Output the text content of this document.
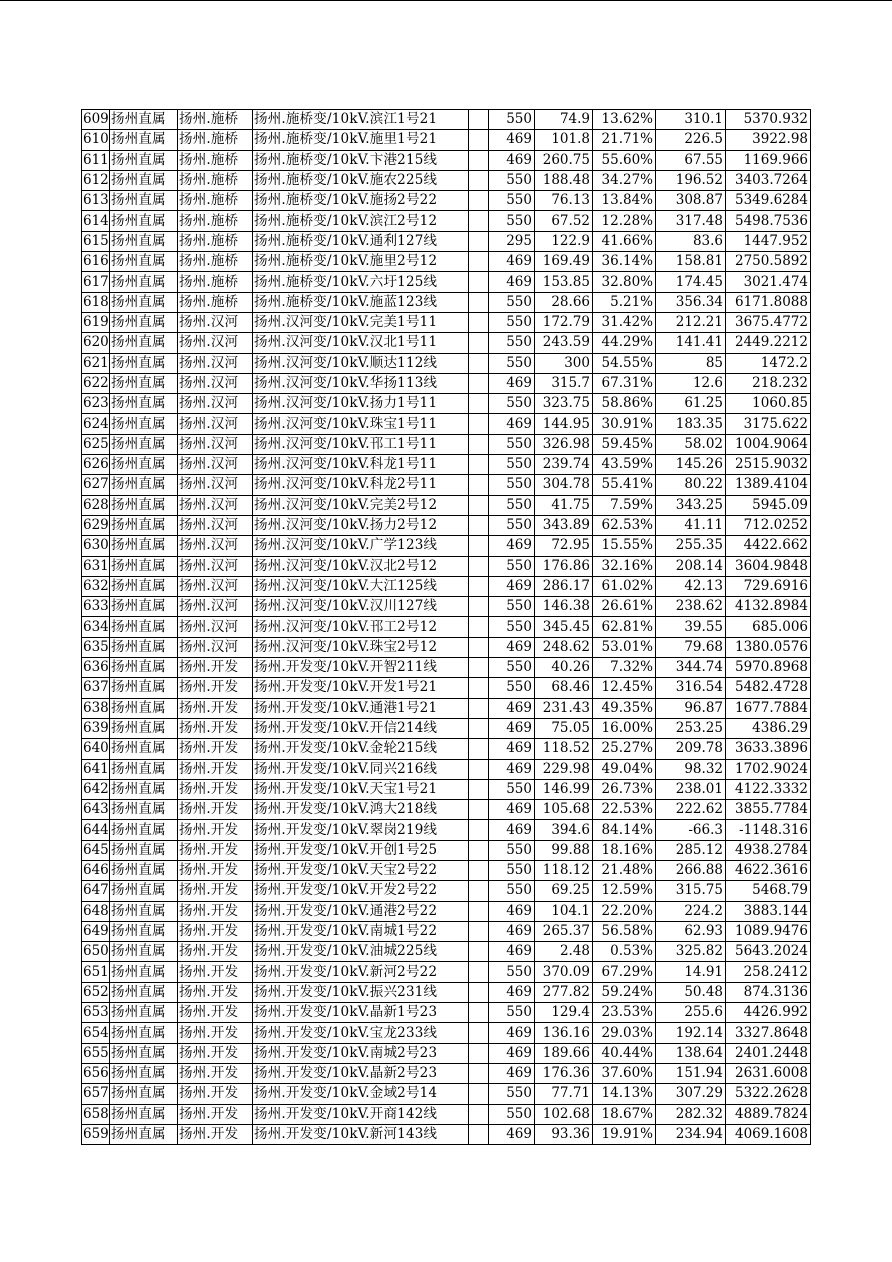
609	扬州直属	扬州.施桥	扬州.施桥变/10kV.滨江1号21		550	74.9	13.62%	310.1	5370.932
610	扬州直属	扬州.施桥	扬州.施桥变/10kV.施里1号21		469	101.8	21.71%	226.5	3922.98
611	扬州直属	扬州.施桥	扬州.施桥变/10kV.卞港215线		469	260.75	55.60%	67.55	1169.966
612	扬州直属	扬州.施桥	扬州.施桥变/10kV.施农225线		550	188.48	34.27%	196.52	3403.7264
613	扬州直属	扬州.施桥	扬州.施桥变/10kV.施扬2号22		550	76.13	13.84%	308.87	5349.6284
614	扬州直属	扬州.施桥	扬州.施桥变/10kV.滨江2号12		550	67.52	12.28%	317.48	5498.7536
615	扬州直属	扬州.施桥	扬州.施桥变/10kV.通利127线		295	122.9	41.66%	83.6	1447.952
616	扬州直属	扬州.施桥	扬州.施桥变/10kV.施里2号12		469	169.49	36.14%	158.81	2750.5892
617	扬州直属	扬州.施桥	扬州.施桥变/10kV.六圩125线		469	153.85	32.80%	174.45	3021.474
618	扬州直属	扬州.施桥	扬州.施桥变/10kV.施蓝123线		550	28.66	5.21%	356.34	6171.8088
619	扬州直属	扬州.汉河	扬州.汉河变/10kV.完美1号11		550	172.79	31.42%	212.21	3675.4772
620	扬州直属	扬州.汉河	扬州.汉河变/10kV.汉北1号11		550	243.59	44.29%	141.41	2449.2212
621	扬州直属	扬州.汉河	扬州.汉河变/10kV.顺达112线		550	300	54.55%	85	1472.2
622	扬州直属	扬州.汉河	扬州.汉河变/10kV.华扬113线		469	315.7	67.31%	12.6	218.232
623	扬州直属	扬州.汉河	扬州.汉河变/10kV.扬力1号11		550	323.75	58.86%	61.25	1060.85
624	扬州直属	扬州.汉河	扬州.汉河变/10kV.珠宝1号11		469	144.95	30.91%	183.35	3175.622
625	扬州直属	扬州.汉河	扬州.汉河变/10kV.邗工1号11		550	326.98	59.45%	58.02	1004.9064
626	扬州直属	扬州.汉河	扬州.汉河变/10kV.科龙1号11		550	239.74	43.59%	145.26	2515.9032
627	扬州直属	扬州.汉河	扬州.汉河变/10kV.科龙2号11		550	304.78	55.41%	80.22	1389.4104
628	扬州直属	扬州.汉河	扬州.汉河变/10kV.完美2号12		550	41.75	7.59%	343.25	5945.09
629	扬州直属	扬州.汉河	扬州.汉河变/10kV.扬力2号12		550	343.89	62.53%	41.11	712.0252
630	扬州直属	扬州.汉河	扬州.汉河变/10kV.广学123线		469	72.95	15.55%	255.35	4422.662
631	扬州直属	扬州.汉河	扬州.汉河变/10kV.汉北2号12		550	176.86	32.16%	208.14	3604.9848
632	扬州直属	扬州.汉河	扬州.汉河变/10kV.大江125线		469	286.17	61.02%	42.13	729.6916
633	扬州直属	扬州.汉河	扬州.汉河变/10kV.汉川127线		550	146.38	26.61%	238.62	4132.8984
634	扬州直属	扬州.汉河	扬州.汉河变/10kV.邗工2号12		550	345.45	62.81%	39.55	685.006
635	扬州直属	扬州.汉河	扬州.汉河变/10kV.珠宝2号12		469	248.62	53.01%	79.68	1380.0576
636	扬州直属	扬州.开发	扬州.开发变/10kV.开智211线		550	40.26	7.32%	344.74	5970.8968
637	扬州直属	扬州.开发	扬州.开发变/10kV.开发1号21		550	68.46	12.45%	316.54	5482.4728
638	扬州直属	扬州.开发	扬州.开发变/10kV.通港1号21		469	231.43	49.35%	96.87	1677.7884
639	扬州直属	扬州.开发	扬州.开发变/10kV.开信214线		469	75.05	16.00%	253.25	4386.29
640	扬州直属	扬州.开发	扬州.开发变/10kV.金轮215线		469	118.52	25.27%	209.78	3633.3896
641	扬州直属	扬州.开发	扬州.开发变/10kV.同兴216线		469	229.98	49.04%	98.32	1702.9024
642	扬州直属	扬州.开发	扬州.开发变/10kV.天宝1号21		550	146.99	26.73%	238.01	4122.3332
643	扬州直属	扬州.开发	扬州.开发变/10kV.鸿大218线		469	105.68	22.53%	222.62	3855.7784
644	扬州直属	扬州.开发	扬州.开发变/10kV.翠岗219线		469	394.6	84.14%	-66.3	-1148.316
645	扬州直属	扬州.开发	扬州.开发变/10kV.开创1号25		550	99.88	18.16%	285.12	4938.2784
646	扬州直属	扬州.开发	扬州.开发变/10kV.天宝2号22		550	118.12	21.48%	266.88	4622.3616
647	扬州直属	扬州.开发	扬州.开发变/10kV.开发2号22		550	69.25	12.59%	315.75	5468.79
648	扬州直属	扬州.开发	扬州.开发变/10kV.通港2号22		469	104.1	22.20%	224.2	3883.144
649	扬州直属	扬州.开发	扬州.开发变/10kV.南城1号22		469	265.37	56.58%	62.93	1089.9476
650	扬州直属	扬州.开发	扬州.开发变/10kV.油城225线		469	2.48	0.53%	325.82	5643.2024
651	扬州直属	扬州.开发	扬州.开发变/10kV.新河2号22		550	370.09	67.29%	14.91	258.2412
652	扬州直属	扬州.开发	扬州.开发变/10kV.振兴231线		469	277.82	59.24%	50.48	874.3136
653	扬州直属	扬州.开发	扬州.开发变/10kV.晶新1号23		550	129.4	23.53%	255.6	4426.992
654	扬州直属	扬州.开发	扬州.开发变/10kV.宝龙233线		469	136.16	29.03%	192.14	3327.8648
655	扬州直属	扬州.开发	扬州.开发变/10kV.南城2号23		469	189.66	40.44%	138.64	2401.2448
656	扬州直属	扬州.开发	扬州.开发变/10kV.晶新2号23		469	176.36	37.60%	151.94	2631.6008
657	扬州直属	扬州.开发	扬州.开发变/10kV.金域2号14		550	77.71	14.13%	307.29	5322.2628
658	扬州直属	扬州.开发	扬州.开发变/10kV.开商142线		550	102.68	18.67%	282.32	4889.7824
659	扬州直属	扬州.开发	扬州.开发变/10kV.新河143线		469	93.36	19.91%	234.94	4069.1608
